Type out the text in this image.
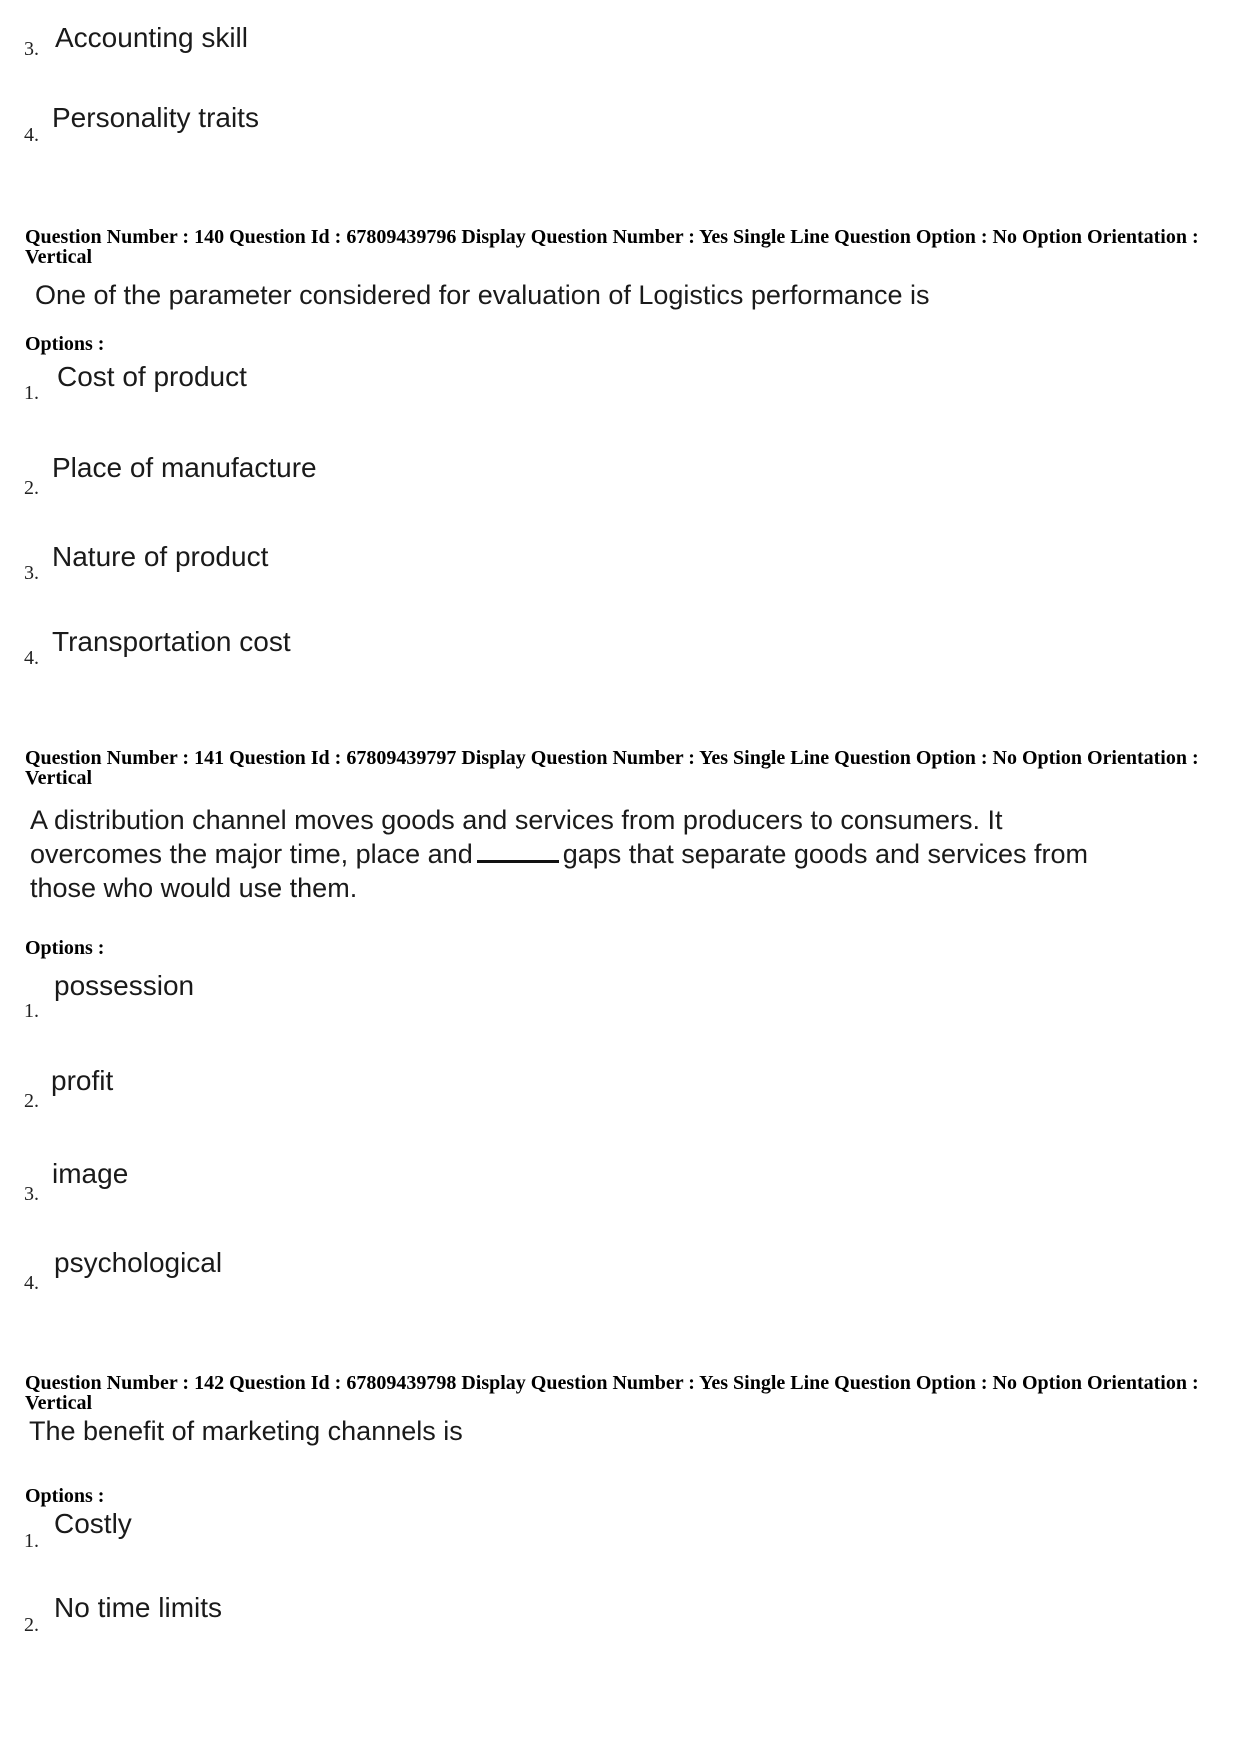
3. Accounting skill
4.
Personality traits

Question Number : 140 Question Id : 67809439796 Display Question Number : Yes Single Line Question Option : No Option Orientation : Vertical

One of the parameter considered for evaluation of Logistics performance is

Options :
1.
Cost of product
2.
Place of manufacture
3.
Nature of product
4.
Transportation cost

Question Number : 141 Question Id : 67809439797 Display Question Number : Yes Single Line Question Option : No Option Orientation : Vertical

A distribution channel moves goods and services from producers to consumers. It overcomes the major time, place and	gaps that separate goods and services from those who would use them.

Options :
1.
possession
2.
profit
3.
image
4.
psychological

Question Number : 142 Question Id : 67809439798 Display Question Number : Yes Single Line Question Option : No Option Orientation : Vertical

The benefit of marketing channels is

Options :
1.
Costly
2.
No time limits
